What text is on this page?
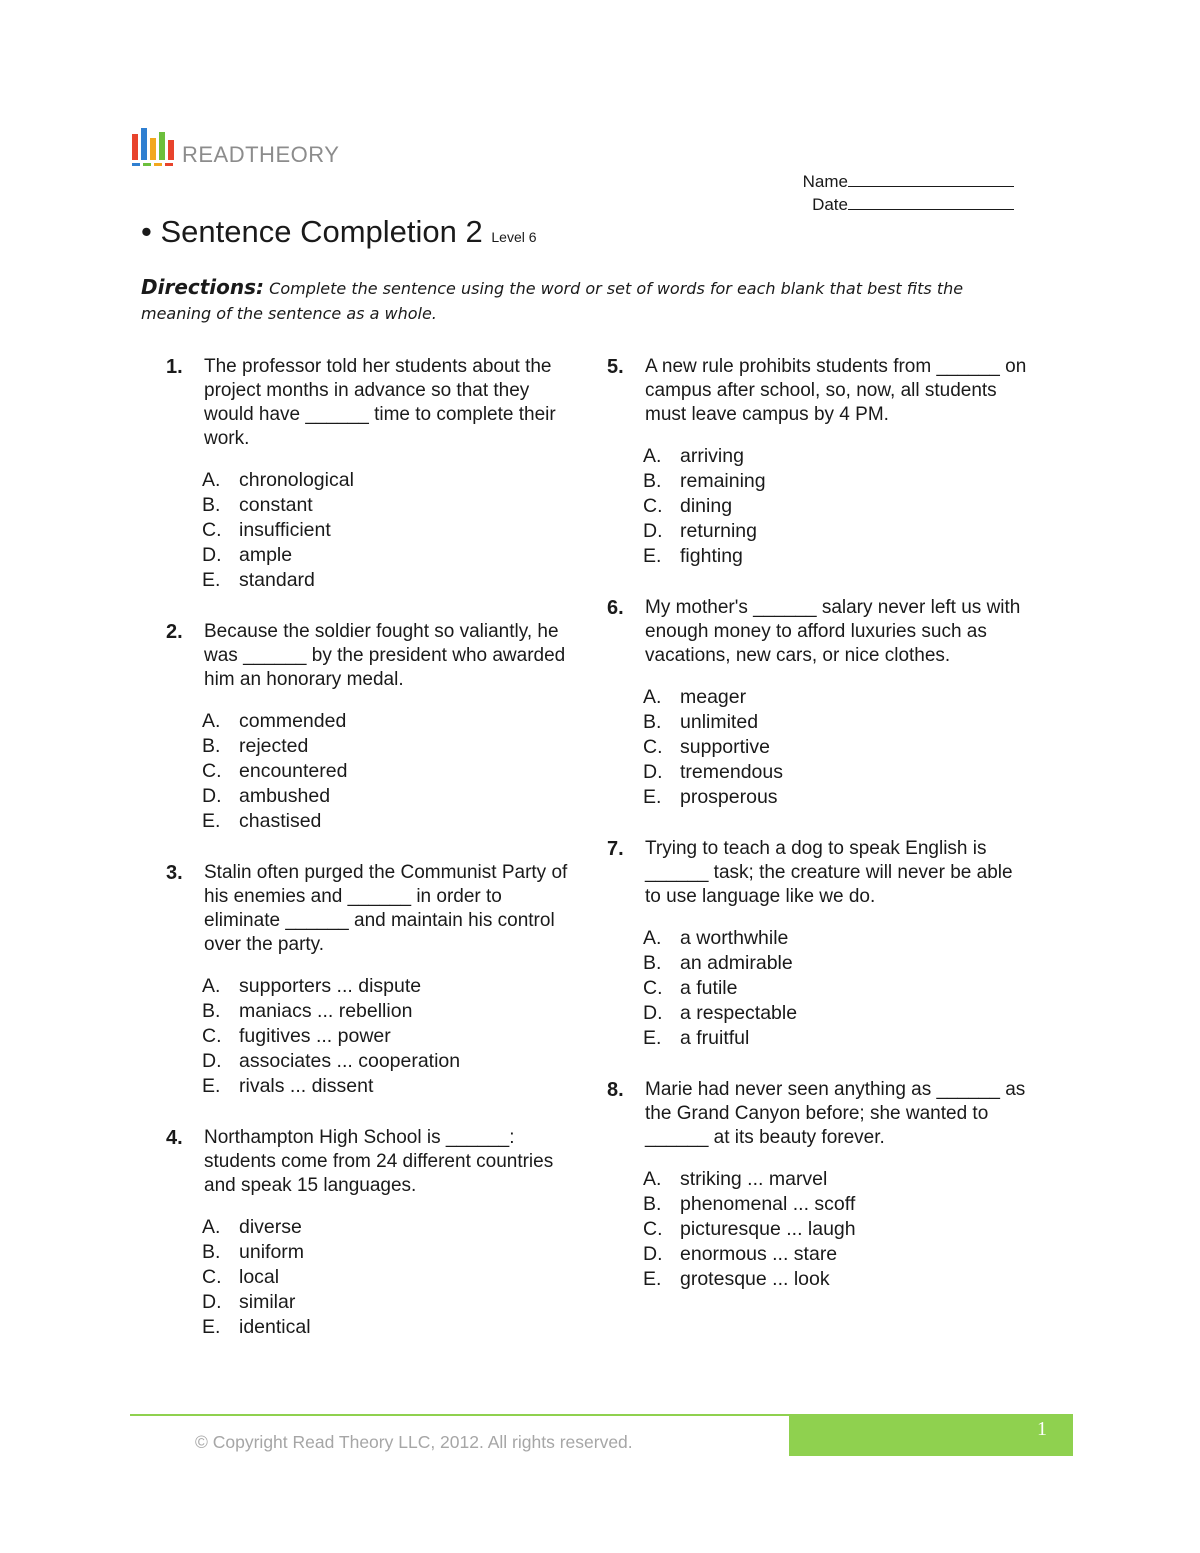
READTHEORY
Name
Date
• Sentence Completion 2 Level 6
Directions: Complete the sentence using the word or set of words for each blank that best fits the meaning of the sentence as a whole.
1. The professor told her students about the project months in advance so that they would have ______ time to complete their work.
A. chronological
B. constant
C. insufficient
D. ample
E. standard
2. Because the soldier fought so valiantly, he was ______ by the president who awarded him an honorary medal.
A. commended
B. rejected
C. encountered
D. ambushed
E. chastised
3. Stalin often purged the Communist Party of his enemies and ______ in order to eliminate ______ and maintain his control over the party.
A. supporters ... dispute
B. maniacs ... rebellion
C. fugitives ... power
D. associates ... cooperation
E. rivals ... dissent
4. Northampton High School is ______: students come from 24 different countries and speak 15 languages.
A. diverse
B. uniform
C. local
D. similar
E. identical
5. A new rule prohibits students from ______ on campus after school, so, now, all students must leave campus by 4 PM.
A. arriving
B. remaining
C. dining
D. returning
E. fighting
6. My mother's ______ salary never left us with enough money to afford luxuries such as vacations, new cars, or nice clothes.
A. meager
B. unlimited
C. supportive
D. tremendous
E. prosperous
7. Trying to teach a dog to speak English is ______ task; the creature will never be able to use language like we do.
A. a worthwhile
B. an admirable
C. a futile
D. a respectable
E. a fruitful
8. Marie had never seen anything as ______ as the Grand Canyon before; she wanted to ______ at its beauty forever.
A. striking ... marvel
B. phenomenal ... scoff
C. picturesque ... laugh
D. enormous ... stare
E. grotesque ... look
© Copyright Read Theory LLC, 2012. All rights reserved.
1
